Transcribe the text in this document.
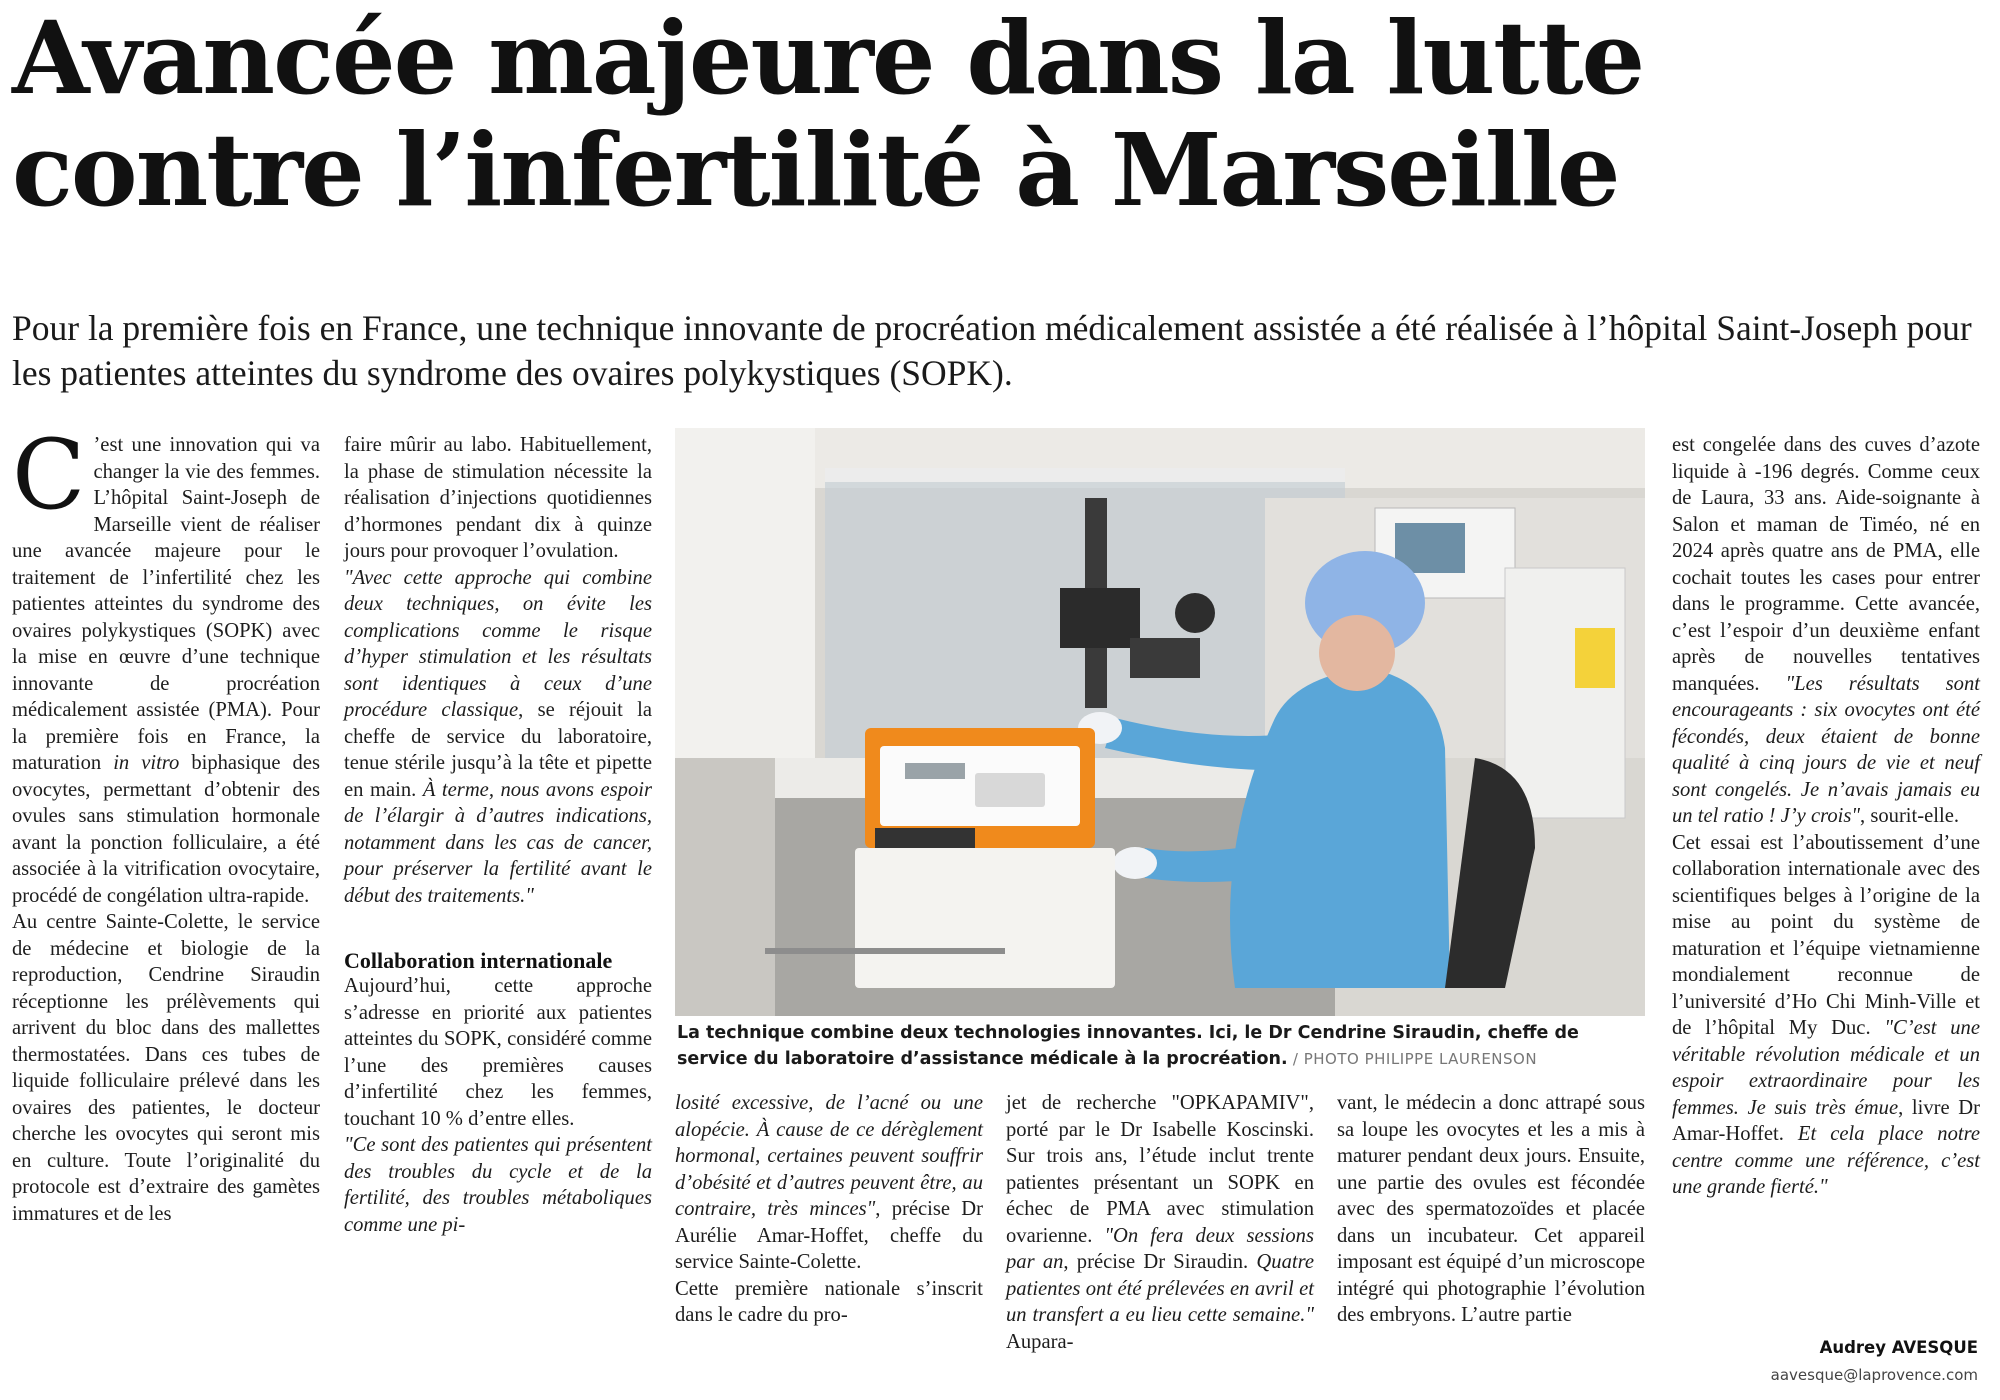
Avancée majeure dans la lutte
contre l’infertilité à Marseille

Pour la première fois en France, une technique innovante de procréation médicalement assistée a été réalisée à l’hôpital Saint-Joseph pour les patientes atteintes du syndrome des ovaires polykystiques (SOPK).

C ’est une innovation qui va changer la vie des femmes. L’hôpital Saint-Joseph de Marseille vient de réaliser une avancée majeure pour le traitement de l’infertilité chez les patientes atteintes du syndrome des ovaires polykystiques (SOPK) avec la mise en œuvre d’une technique innovante de procréation médicalement assistée (PMA). Pour la première fois en France, la maturation in vitro biphasique des ovocytes, permettant d’obtenir des ovules sans stimulation hormonale avant la ponction folliculaire, a été associée à la vitrification ovocytaire, procédé de congélation ultra-rapide.

Au centre Sainte-Colette, le service de médecine et biologie de la reproduction, Cendrine Siraudin réceptionne les prélèvements qui arrivent du bloc dans des mallettes thermostatées. Dans ces tubes de liquide folliculaire prélevé dans les ovaires des patientes, le docteur cherche les ovocytes qui seront mis en culture. Toute l’originalité du protocole est d’extraire des gamètes immatures et de les

faire mûrir au labo. Habituellement, la phase de stimulation nécessite la réalisation d’injections quotidiennes d’hormones pendant dix à quinze jours pour provoquer l’ovulation.

"Avec cette approche qui combine deux techniques, on évite les complications comme le risque d’hyper stimulation et les résultats sont identiques à ceux d’une procédure classique, se réjouit la cheffe de service du laboratoire, tenue stérile jusqu’à la tête et pipette en main. À terme, nous avons espoir de l’élargir à d’autres indications, notamment dans les cas de cancer, pour préserver la fertilité avant le début des traitements."

Collaboration internationale

Aujourd’hui, cette approche s’adresse en priorité aux patientes atteintes du SOPK, considéré comme l’une des premières causes d’infertilité chez les femmes, touchant 10 % d’entre elles.

"Ce sont des patientes qui présentent des troubles du cycle et de la fertilité, des troubles métaboliques comme une pi-

La technique combine deux technologies innovantes. Ici, le Dr Cendrine Siraudin, cheffe de service du laboratoire d’assistance médicale à la procréation. / PHOTO PHILIPPE LAURENSON

losité excessive, de l’acné ou une alopécie. À cause de ce dérèglement hormonal, certaines peuvent souffrir d’obésité et d’autres peuvent être, au contraire, très minces", précise Dr Aurélie Amar-Hoffet, cheffe du service Sainte-Colette.

Cette première nationale s’inscrit dans le cadre du pro-

jet de recherche "OPKAPAMIV", porté par le Dr Isabelle Koscinski. Sur trois ans, l’étude inclut trente patientes présentant un SOPK en échec de PMA avec stimulation ovarienne. "On fera deux sessions par an, précise Dr Siraudin. Quatre patientes ont été prélevées en avril et un transfert a eu lieu cette semaine." Aupara-

vant, le médecin a donc attrapé sous sa loupe les ovocytes et les a mis à maturer pendant deux jours. Ensuite, une partie des ovules est fécondée avec des spermatozoïdes et placée dans un incubateur. Cet appareil imposant est équipé d’un microscope intégré qui photographie l’évolution des embryons. L’autre partie

est congelée dans des cuves d’azote liquide à -196 degrés. Comme ceux de Laura, 33 ans. Aide-soignante à Salon et maman de Timéo, né en 2024 après quatre ans de PMA, elle cochait toutes les cases pour entrer dans le programme. Cette avancée, c’est l’espoir d’un deuxième enfant après de nouvelles tentatives manquées. "Les résultats sont encourageants : six ovocytes ont été fécondés, deux étaient de bonne qualité à cinq jours de vie et neuf sont congelés. Je n’avais jamais eu un tel ratio ! J’y crois", sourit-elle.

Cet essai est l’aboutissement d’une collaboration internationale avec des scientifiques belges à l’origine de la mise au point du système de maturation et l’équipe vietnamienne mondialement reconnue de l’université d’Ho Chi Minh-Ville et de l’hôpital My Duc. "C’est une véritable révolution médicale et un espoir extraordinaire pour les femmes. Je suis très émue, livre Dr Amar-Hoffet. Et cela place notre centre comme une référence, c’est une grande fierté."

Audrey AVESQUE
aavesque@laprovence.com
